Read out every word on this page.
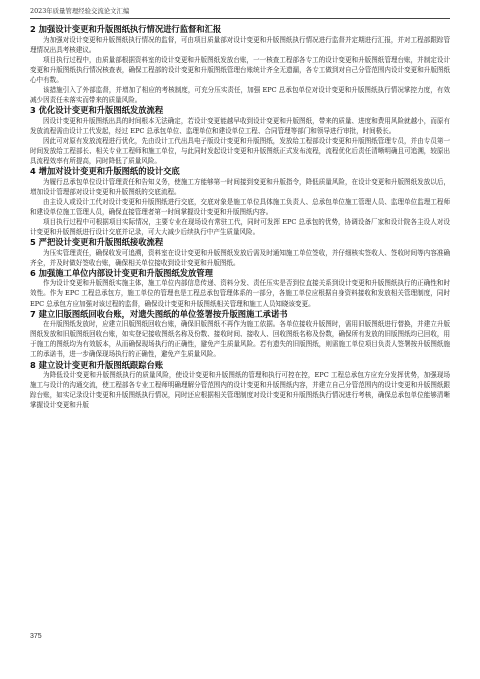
2023年质量管理经验交流论文汇编
2 加强设计变更和升版图纸执行情况进行监督和汇报

为加强对设计变更和升版图纸执行情况的监督，可由项目质量部对设计变更和升版图纸执行情况进行监督并定期进行汇报，并对工程部跟踪管理情况出具考核建议。

项目执行过程中，由质量部根据资料室的设计变更和升版图纸发放台账，一一核查工程部各专工的设计变更和升版图纸管理台账，并制定设计变更和升版图纸执行情况核查表，确保工程部的设计变更和升版图纸管理台账统计齐全无遗漏，各专工做到对自己分管范围内设计变更和升版图纸心中有数。

该措施引入了外部监督，并增加了相应的考核制度，可充分压实责任，加强 EPC 总承包单位对设计变更和升版图纸执行情况掌控力度，有效减少因责任未落实而带来的质量风险。

3 优化设计变更和升版图纸发放流程

因设计变更和升版图纸出具的时间根本无法确定，若设计变更能越早收到设计变更和升版图纸，带来的质量、进度和费用风险就越小，而原有发放流程需由设计工代发起，经过 EPC 总承包单位、监理单位和建设单位工程、合同管理等部门和领导进行审批，时间极长。

因此可对原有发放流程进行优化，先由设计工代出具电子版设计变更和升版图纸，发放给工程部设计变更和升版图纸管理专员，并由专员第一时间发放给工程部长、相关专业工程师和施工单位，与此同时发起设计变更和升版图纸正式发布流程，流程优化后责任清晰明确且可追溯，较原出具流程效率有所提高，同时降低了质量风险。

4 增加对设计变更和升版图纸的设计交底

为履行总承包单位设计管理责任和告知义务，使施工方能够第一时间接到变更和升版指令，降低质量风险，在设计变更和升版图纸发放以后，增加设计管理部对设计变更和升版图纸的交底流程。

由主设人或设计工代对设计变更和升版图纸进行交底，交底对象是施工单位具体施工负责人、总承包单位施工管理人员、监理单位监理工程师和建设单位施工管理人员，确保直接管理者第一时间掌握设计变更和升版图纸内容。

项目执行过程中可根据项目实际情况，主要专业在现场设有常驻工代，同时可发挥 EPC 总承包的优势，协调设备厂家和设计院各主设人对设计变更和升版图纸进行设计交底并记录，可大大减少后续执行中产生质量风险。

5 严把设计变更和升版图纸接收流程

为压实管理责任，确保收发可追溯，资料室在设计变更和升版图纸发放后需及时通知施工单位签收，并仔细核实签收人、签收时间等内容准确齐全，并及时做好签收台账，确保相关单位接收到设计变更和升版图纸。

6 加强施工单位内部设计变更和升版图纸发放管理

作为设计变更和升版图纸实施主体，施工单位内部信息传递、资料分发、责任压实是否到位直接关系到设计变更和升版图纸执行的正确性和时效性。作为 EPC 工程总承包方，施工单位的管理也是工程总承包管理体系的一部分，各施工单位应根据自身资料接收和发放相关管理制度，同时 EPC 总承包方应加强对该过程的监督，确保设计变更和升版图纸相关管理和施工人员知晓该变更。

7 建立旧版图纸回收台账，对遗失图纸的单位签署按升版图施工承诺书

在升版图纸发放时，应建立旧版图纸回收台账，确保旧版图纸不再作为施工依据。各单位接收升版图时，需用旧版图纸进行替换，并建立升版图纸发放和旧版图纸回收台账，如实登记接收图纸名称及份数、接收时间、接收人、回收图纸名称及份数，确保所有发放的旧版图纸均已回收，用于施工的图纸均为有效版本，从而确保现场执行的正确性，避免产生质量风险。若有遗失的旧版图纸，则需施工单位项目负责人签署按升版图纸施工的承诺书，进一步确保现场执行的正确性，避免产生质量风险。

8 建立设计变更和升版图纸跟踪台账

为降低设计变更和升版图纸执行的质量风险，使设计变更和升版图纸的管理和执行可控在控，EPC 工程总承包方应充分发挥优势，加强现场施工与设计的沟通交流，使工程部各专业工程师明确理解分管范围内的设计变更和升版图纸内容，并建立自己分管范围内的设计变更和升版图纸跟踪台账，如实记录设计变更和升版图纸执行情况，同时还应根据相关管理制度对设计变更和升版图纸执行情况进行考核，确保总承包单位能够清晰掌握设计变更和升版

375
